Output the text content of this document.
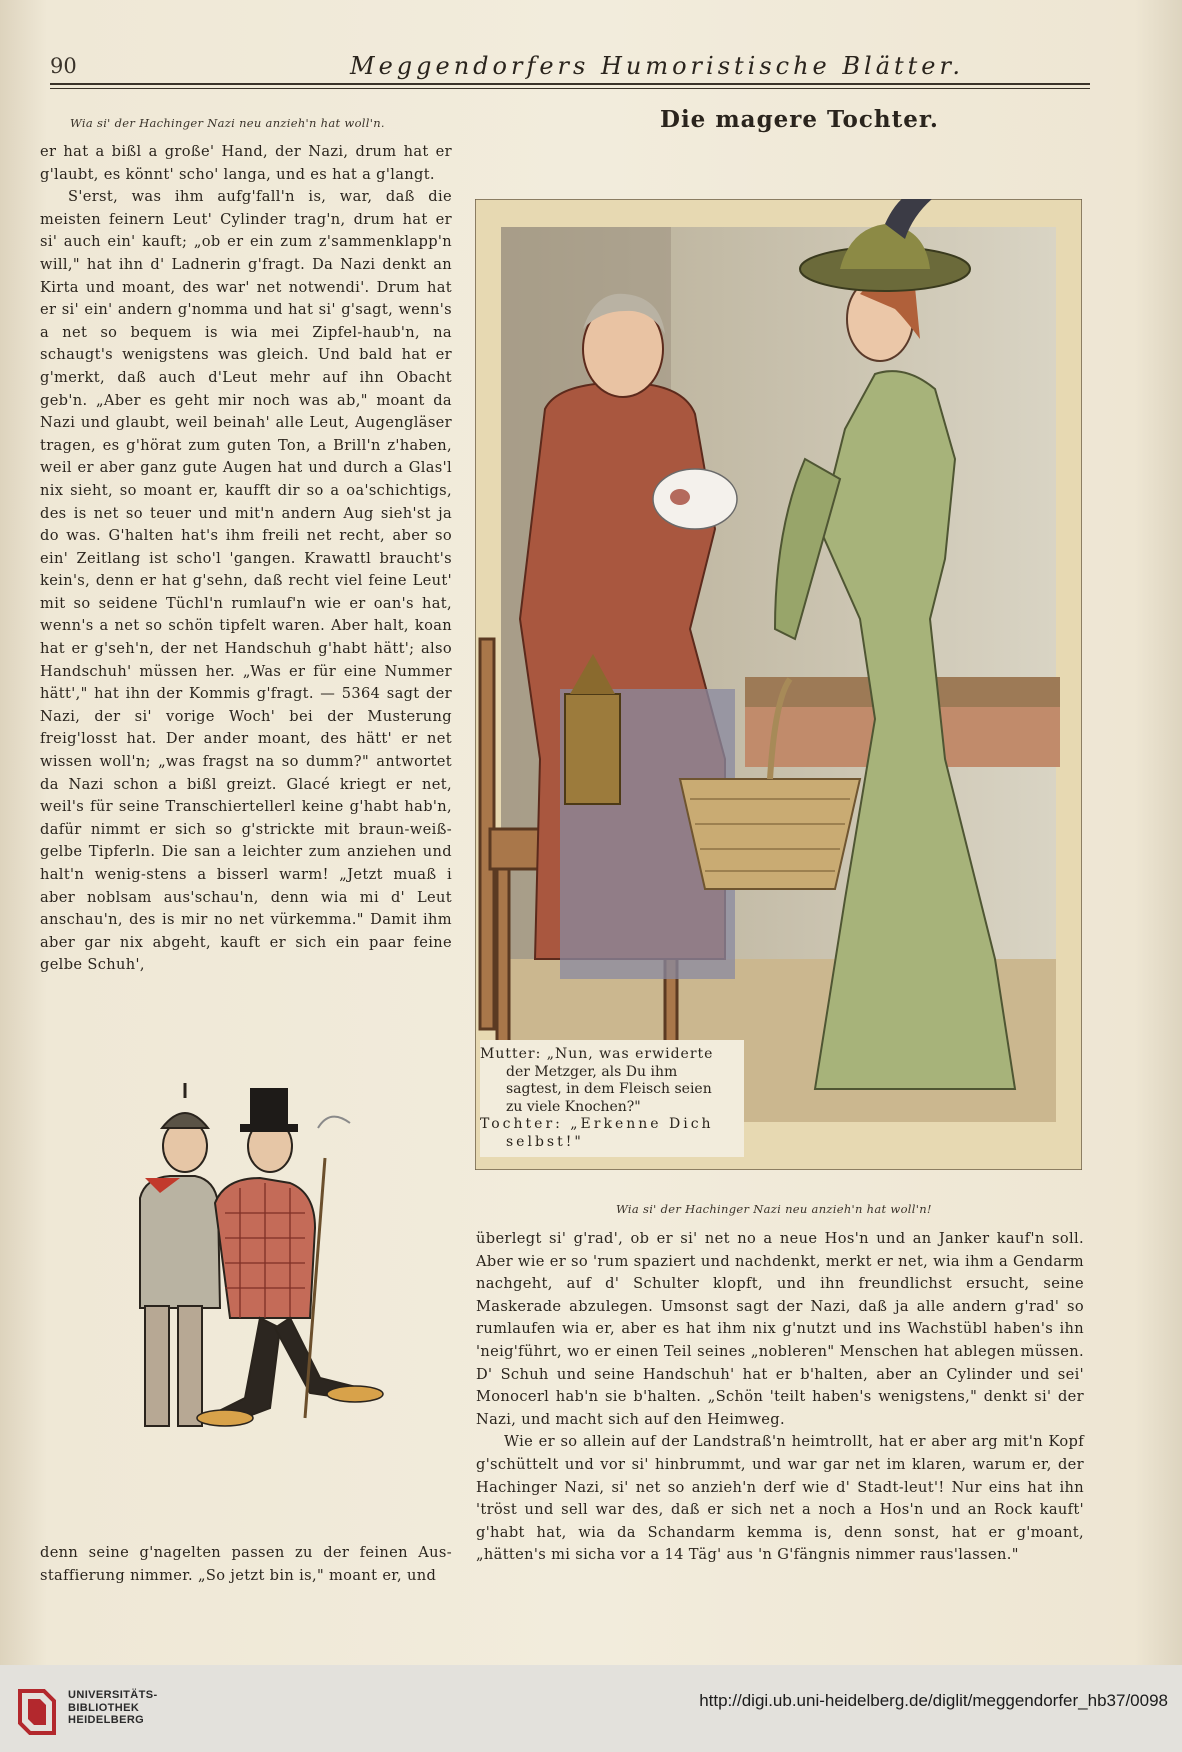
90	Meggendorfers Humoristische Blätter.
Wia si' der Hachinger Nazi neu anzieh'n hat woll'n.

er hat a bißl a große' Hand, der Nazi, drum hat er g'laubt, es könnt' scho' langa, und es hat a g'langt.

S'erst, was ihm aufg'fall'n is, war, daß die meisten feinern Leut' Cylinder trag'n, drum hat er si' auch ein' kauft; „ob er ein zum z'sammenklapp'n will," hat ihn d' Ladnerin g'fragt. Da Nazi denkt an Kirta und moant, des war' net notwendi'. Drum hat er si' ein' andern g'nomma und hat si' g'sagt, wenn's a net so bequem is wia mei Zipfel-haub'n, na schaugt's wenigstens was gleich. Und bald hat er g'merkt, daß auch d'Leut mehr auf ihn Obacht geb'n. „Aber es geht mir noch was ab," moant da Nazi und glaubt, weil beinah' alle Leut, Augengläser tragen, es g'hörat zum guten Ton, a Brill'n z'haben, weil er aber ganz gute Augen hat und durch a Glas'l nix sieht, so moant er, kaufft dir so a oa'schichtigs, des is net so teuer und mit'n andern Aug sieh'st ja do was. G'halten hat's ihm freili net recht, aber so ein' Zeitlang ist scho'l 'gangen. Krawattl braucht's kein's, denn er hat g'sehn, daß recht viel feine Leut' mit so seidene Tüchl'n rumlauf'n wie er oan's hat, wenn's a net so schön tipfelt waren. Aber halt, koan hat er g'seh'n, der net Handschuh g'habt hätt'; also Handschuh' müssen her. „Was er für eine Nummer hätt'," hat ihn der Kommis g'fragt. — 5364 sagt der Nazi, der si' vorige Woch' bei der Musterung freig'losst hat. Der ander moant, des hätt' er net wissen woll'n; „was fragst na so dumm?" antwortet da Nazi schon a bißl greizt. Glacé kriegt er net, weil's für seine Transchiertellerl keine g'habt hab'n, dafür nimmt er sich so g'strickte mit braun-weiß-gelbe Tipferln. Die san a leichter zum anziehen und halt'n wenig-stens a bisserl warm! „Jetzt muaß i aber noblsam aus'schau'n, denn wia mi d' Leut anschau'n, des is mir no net vürkemma." Damit ihm aber gar nix abgeht, kauft er sich ein paar feine gelbe Schuh',

Die magere Tochter.
Mutter: „Nun, was erwiderte
der Metzger, als Du ihm
sagtest, in dem Fleisch seien
zu viele Knochen?"
Tochter: „Erkenne Dich
selbst!"

denn seine g'nagelten passen zu der feinen Aus-staffierung nimmer. „So jetzt bin is," moant er, und

Wia si' der Hachinger Nazi neu anzieh'n hat woll'n!

überlegt si' g'rad', ob er si' net no a neue Hos'n und an Janker kauf'n soll. Aber wie er so 'rum spaziert und nachdenkt, merkt er net, wia ihm a Gendarm nachgeht, auf d' Schulter klopft, und ihn freundlichst ersucht, seine Maskerade abzulegen. Umsonst sagt der Nazi, daß ja alle andern g'rad' so rumlaufen wia er, aber es hat ihm nix g'nutzt und ins Wachstübl haben's ihn 'neig'führt, wo er einen Teil seines „nobleren" Menschen hat ablegen müssen. D' Schuh und seine Handschuh' hat er b'halten, aber an Cylinder und sei' Monocerl hab'n sie b'halten. „Schön 'teilt haben's wenigstens," denkt si' der Nazi, und macht sich auf den Heimweg.

Wie er so allein auf der Landstraß'n heimtrollt, hat er aber arg mit'n Kopf g'schüttelt und vor si' hinbrummt, und war gar net im klaren, warum er, der Hachinger Nazi, si' net so anzieh'n derf wie d' Stadt-leut'! Nur eins hat ihn 'tröst und sell war des, daß er sich net a noch a Hos'n und an Rock kauft' g'habt hat, wia da Schandarm kemma is, denn sonst, hat er g'moant, „hätten's mi sicha vor a 14 Täg' aus 'n G'fängnis nimmer raus'lassen."

UNIVERSITÄTS-
BIBLIOTHEK
HEIDELBERG
http://digi.ub.uni-heidelberg.de/diglit/meggendorfer_hb37/0098
